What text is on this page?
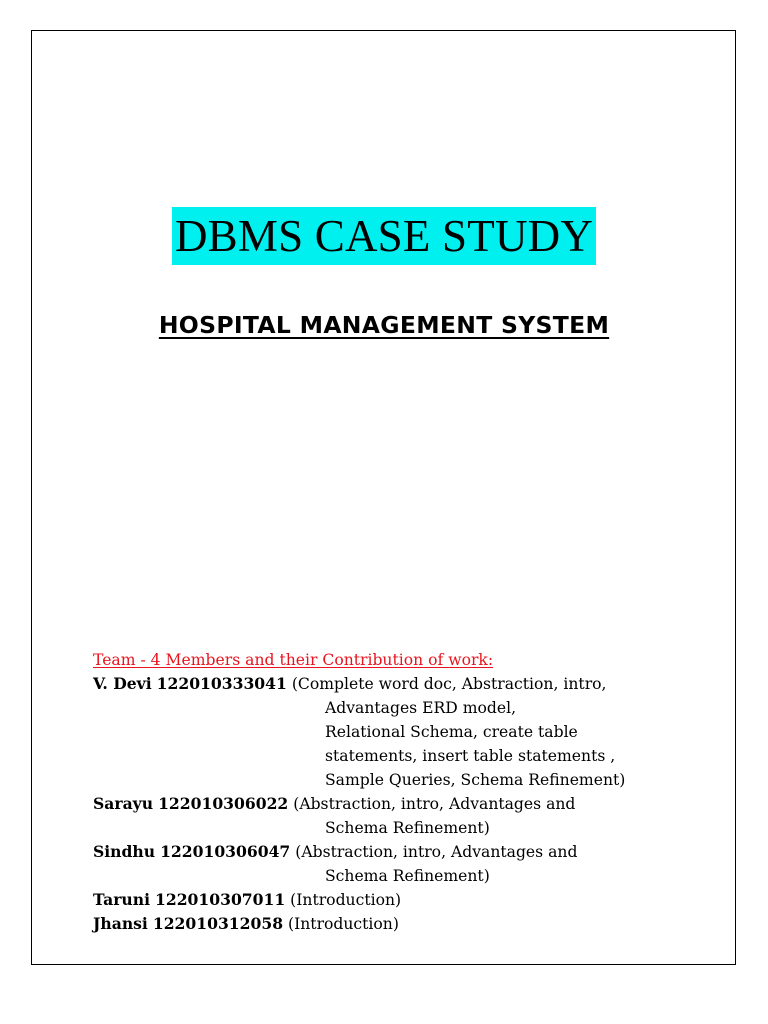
DBMS CASE STUDY
HOSPITAL MANAGEMENT SYSTEM
Team - 4 Members and their Contribution of work:
V. Devi 122010333041 (Complete word doc, Abstraction, intro,
Advantages ERD model,
Relational Schema, create table
statements, insert table statements ,
Sample Queries, Schema Refinement)
Sarayu 122010306022 (Abstraction, intro, Advantages and
Schema Refinement)
Sindhu 122010306047 (Abstraction, intro, Advantages and
Schema Refinement)
Taruni 122010307011 (Introduction)
Jhansi 122010312058 (Introduction)
